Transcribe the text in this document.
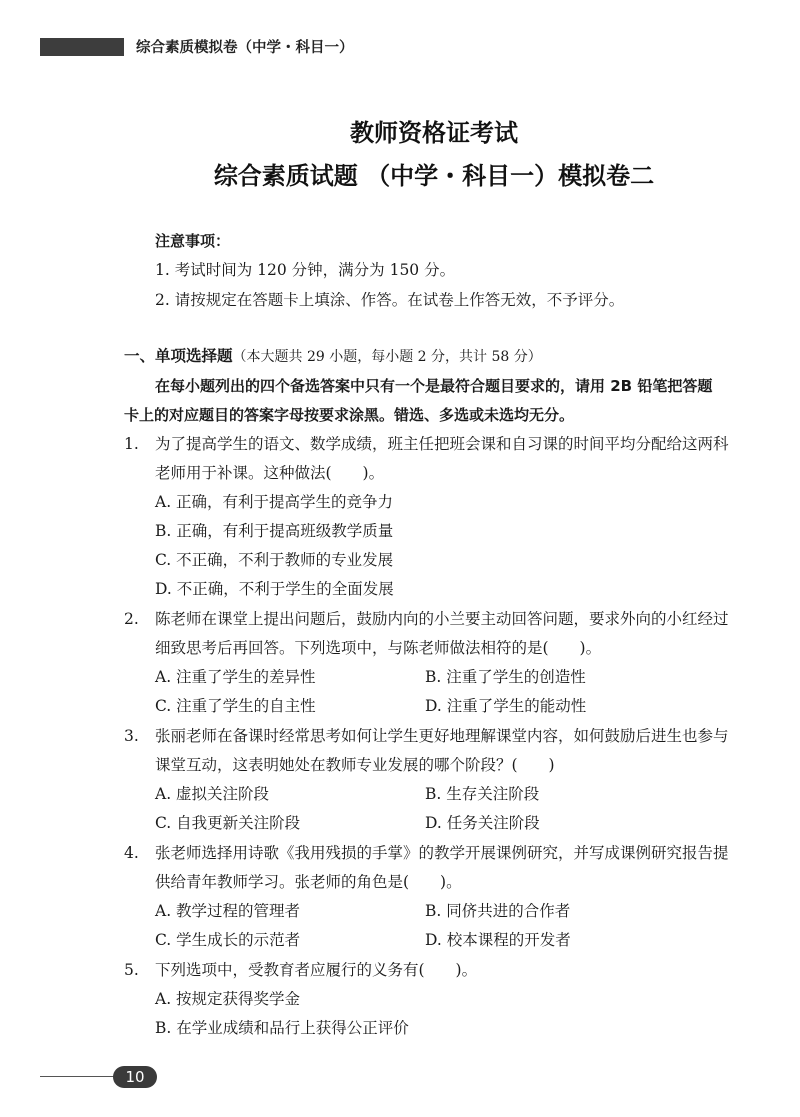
综合素质模拟卷（中学・科目一）
教师资格证考试
综合素质试题 （中学・科目一）模拟卷二
注意事项：
1. 考试时间为 120 分钟，满分为 150 分。
2. 请按规定在答题卡上填涂、作答。在试卷上作答无效，不予评分。
一、单项选择题（本大题共 29 小题，每小题 2 分，共计 58 分）
在每小题列出的四个备选答案中只有一个是最符合题目要求的，请用 2B 铅笔把答题
卡上的对应题目的答案字母按要求涂黑。错选、多选或未选均无分。
1. 为了提高学生的语文、数学成绩，班主任把班会课和自习课的时间平均分配给这两科
老师用于补课。这种做法(　　)。
A. 正确，有利于提高学生的竞争力
B. 正确，有利于提高班级教学质量
C. 不正确，不利于教师的专业发展
D. 不正确，不利于学生的全面发展
2. 陈老师在课堂上提出问题后，鼓励内向的小兰要主动回答问题，要求外向的小红经过
细致思考后再回答。下列选项中，与陈老师做法相符的是(　　)。
A. 注重了学生的差异性	B. 注重了学生的创造性
C. 注重了学生的自主性	D. 注重了学生的能动性
3. 张丽老师在备课时经常思考如何让学生更好地理解课堂内容，如何鼓励后进生也参与
课堂互动，这表明她处在教师专业发展的哪个阶段？(　　)
A. 虚拟关注阶段	B. 生存关注阶段
C. 自我更新关注阶段	D. 任务关注阶段
4. 张老师选择用诗歌《我用残损的手掌》的教学开展课例研究，并写成课例研究报告提
供给青年教师学习。张老师的角色是(　　)。
A. 教学过程的管理者	B. 同侪共进的合作者
C. 学生成长的示范者	D. 校本课程的开发者
5. 下列选项中，受教育者应履行的义务有(　　)。
A. 按规定获得奖学金
B. 在学业成绩和品行上获得公正评价
10
